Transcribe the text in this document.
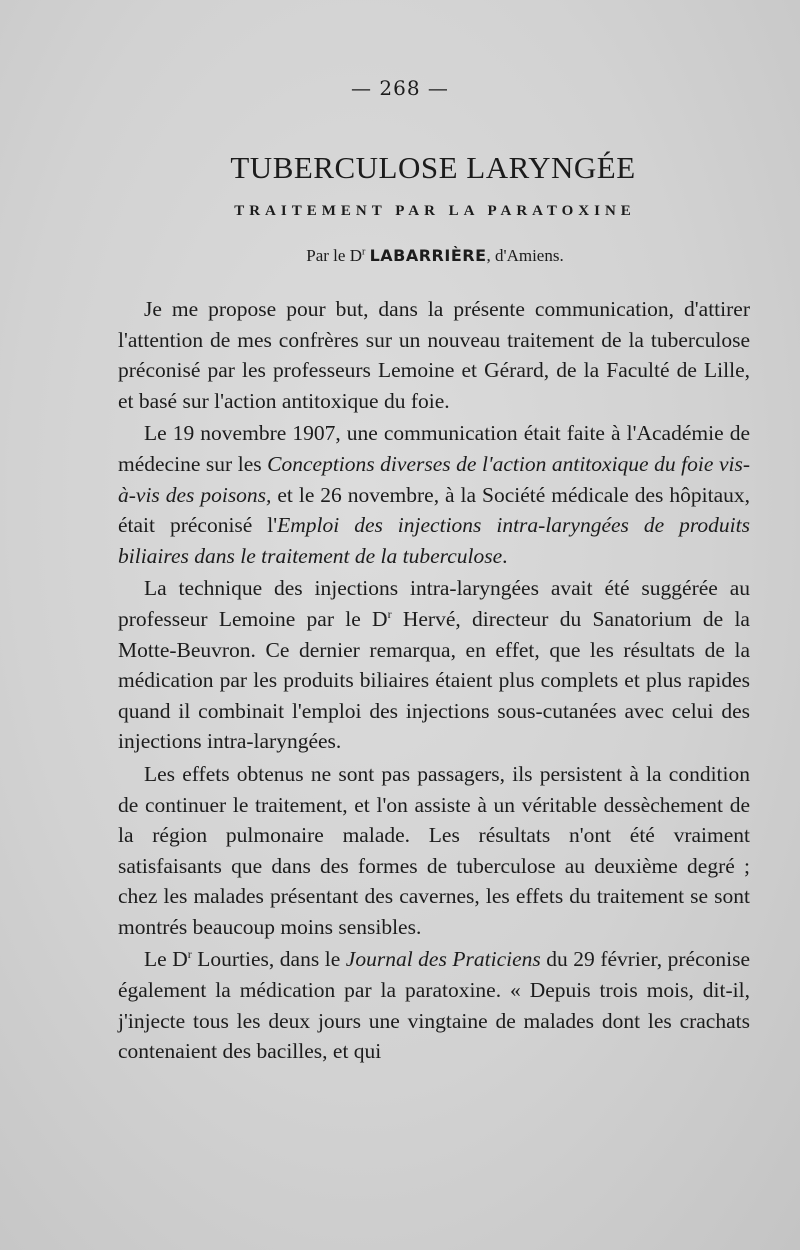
— 268 —
TUBERCULOSE LARYNGÉE
TRAITEMENT PAR LA PARATOXINE
Par le $D^r$ LABARRIÈRE, d'Amiens.

Je me propose pour but, dans la présente communication, d'attirer l'attention de mes confrères sur un nouveau traitement de la tuberculose préconisé par les professeurs Lemoine et Gérard, de la Faculté de Lille, et basé sur l'action antitoxique du foie.

Le 19 novembre 1907, une communication était faite à l'Académie de médecine sur les Conceptions diverses de l'action antitoxique du foie vis-à-vis des poisons, et le 26 novembre, à la Société médicale des hôpitaux, était préconisé l'Emploi des injections intra-laryngées de produits biliaires dans le traitement de la tuberculose.

La technique des injections intra-laryngées avait été suggérée au professeur Lemoine par le $D^r$ Hervé, directeur du Sanatorium de la Motte-Beuvron. Ce dernier remarqua, en effet, que les résultats de la médication par les produits biliaires étaient plus complets et plus rapides quand il combinait l'emploi des injections sous-cutanées avec celui des injections intra-laryngées.

Les effets obtenus ne sont pas passagers, ils persistent à la condition de continuer le traitement, et l'on assiste à un véritable dessèchement de la région pulmonaire malade. Les résultats n'ont été vraiment satisfaisants que dans des formes de tuberculose au deuxième degré ; chez les malades présentant des cavernes, les effets du traitement se sont montrés beaucoup moins sensibles.

Le $D^r$ Lourties, dans le Journal des Praticiens du 29 février, préconise également la médication par la paratoxine. « Depuis trois mois, dit-il, j'injecte tous les deux jours une vingtaine de malades dont les crachats contenaient des bacilles, et qui
